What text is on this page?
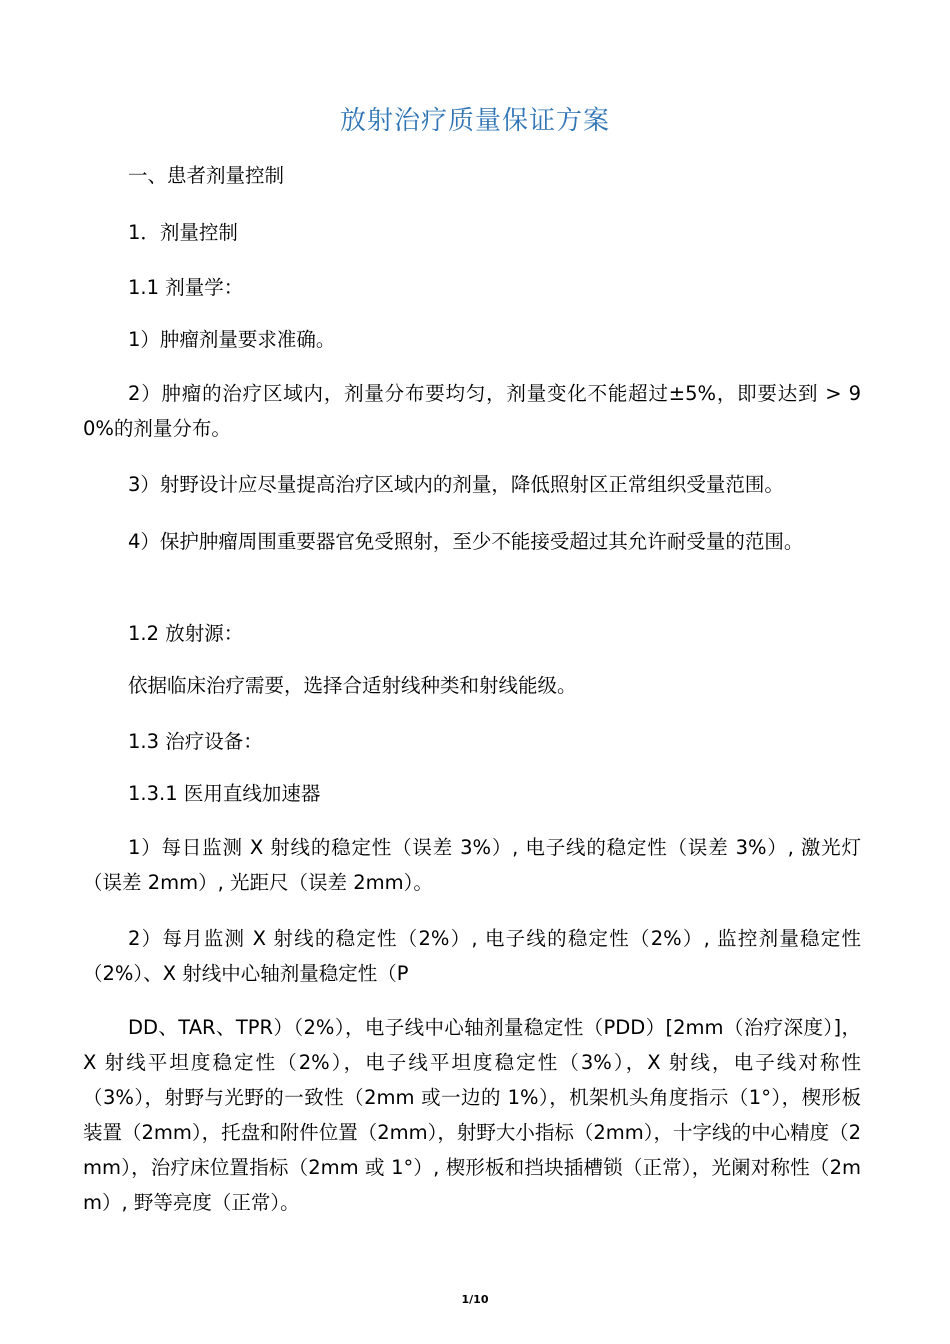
放射治疗质量保证方案

一、患者剂量控制

1．剂量控制

1.1 剂量学：

1）肿瘤剂量要求准确。

2）肿瘤的治疗区域内，剂量分布要均匀，剂量变化不能超过±5%，即要达到 > 90%的剂量分布。

3）射野设计应尽量提高治疗区域内的剂量，降低照射区正常组织受量范围。

4）保护肿瘤周围重要器官免受照射，至少不能接受超过其允许耐受量的范围。

1.2 放射源：

依据临床治疗需要，选择合适射线种类和射线能级。

1.3 治疗设备：

1.3.1 医用直线加速器

1）每日监测 X 射线的稳定性（误差 3%）, 电子线的稳定性（误差 3%）, 激光灯（误差 2mm）, 光距尺（误差 2mm）。

2）每月监测 X 射线的稳定性（2%）, 电子线的稳定性（2%）, 监控剂量稳定性（2%）、X 射线中心轴剂量稳定性（P

DD、TAR、TPR）（2%），电子线中心轴剂量稳定性（PDD）[2mm（治疗深度）]，X 射线平坦度稳定性（2%），电子线平坦度稳定性（3%），X 射线，电子线对称性（3%），射野与光野的一致性（2mm 或一边的 1%），机架机头角度指示（1°），楔形板装置（2mm），托盘和附件位置（2mm），射野大小指标（2mm），十字线的中心精度（2mm），治疗床位置指标（2mm 或 1°）, 楔形板和挡块插槽锁（正常），光阑对称性（2mm）, 野等亮度（正常）。

1/10
